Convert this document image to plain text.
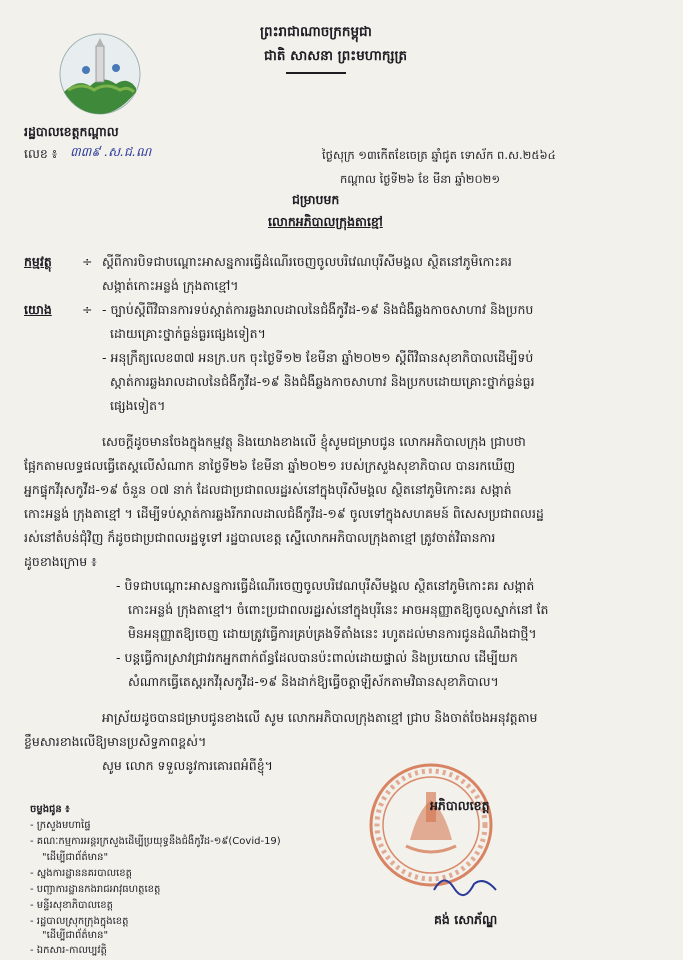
ព្រះរាជាណាចក្រកម្ពុជា
ជាតិ សាសនា ព្រះមហាក្សត្រ
រដ្ឋបាលខេត្តកណ្តាល
លេខ ៖ ៣៣៩ .ស.ជ.ណ	ថ្ងៃសុក្រ ១៣កើតខែចេត្រ ឆ្នាំជូត ទោស័ក ព.ស.២៥៦៤
កណ្តាល ថ្ងៃទី២៦ ខែ មីនា ឆ្នាំ២០២១
ជម្រាបមក
លោកអភិបាលក្រុងតាខ្មៅ
កម្មវត្ថុ ÷ ស្តីពីការបិទជាបណ្តោះអាសន្នការធ្វើដំណើរចេញចូលបរិវេណបុរីសីមង្គល ស្ថិតនៅភូមិកោះគរ
សង្កាត់កោះអន្លង់ ក្រុងតាខ្មៅ។
យោង ÷ - ច្បាប់ស្តីពីវិធានការទប់ស្កាត់ការឆ្លងរាលដាលនៃជំងឺកូវីដ-១៩ និងជំងឺឆ្លងកាចសាហាវ និងប្រកប
ដោយគ្រោះថ្នាក់ធ្ងន់ធ្ងរផ្សេងទៀត។
- អនុក្រឹត្យលេខ៣៧ អនក្រ.បក ចុះថ្ងៃទី១២ ខែមីនា ឆ្នាំ២០២១ ស្តីពីវិធានសុខាភិបាលដើម្បីទប់
ស្កាត់ការឆ្លងរាលដាលនៃជំងឺកូវីដ-១៩ និងជំងឺឆ្លងកាចសាហាវ និងប្រកបដោយគ្រោះថ្នាក់ធ្ងន់ធ្ងរ
ផ្សេងទៀត។
សេចក្តីដូចមានចែងក្នុងកម្មវត្ថុ និងយោងខាងលើ ខ្ញុំសូមជម្រាបជូន លោកអភិបាលក្រុង ជ្រាបថា
ផ្អែកតាមលទ្ធផលធ្វើតេស្តលើសំណាក នាថ្ងៃទី២៦ ខែមីនា ឆ្នាំ២០២១ របស់ក្រសួងសុខាភិបាល បានរកឃើញ
អ្នកផ្ទុកវីរុសកូវីដ-១៩ ចំនួន ០៧ នាក់ ដែលជាប្រជាពលរដ្ឋរស់នៅក្នុងបុរីសីមង្គល ស្ថិតនៅភូមិកោះគរ សង្កាត់
កោះអន្លង់ ក្រុងតាខ្មៅ ។ ដើម្បីទប់ស្កាត់ការឆ្លងរីករាលដាលជំងឺកូវីដ-១៩ ចូលទៅក្នុងសហគមន៍ ពិសេសប្រជាពលរដ្ឋ
រស់នៅតំបន់ជុំវិញ ក៏ដូចជាប្រជាពលរដ្ឋទូទៅ រដ្ឋបាលខេត្ត ស្នើលោកអភិបាលក្រុងតាខ្មៅ ត្រូវចាត់វិធានការ
ដូចខាងក្រោម ៖
- បិទជាបណ្តោះអាសន្នការធ្វើដំណើរចេញចូលបរិវេណបុរីសីមង្គល ស្ថិតនៅភូមិកោះគរ សង្កាត់
កោះអន្លង់ ក្រុងតាខ្មៅ។ ចំពោះប្រជាពលរដ្ឋរស់នៅក្នុងបុរីនេះ អាចអនុញ្ញាតឱ្យចូលស្នាក់នៅ តែ
មិនអនុញ្ញាតឱ្យចេញ ដោយត្រូវធ្វើការគ្រប់គ្រងទីតាំងនេះ រហូតដល់មានការជូនដំណឹងជាថ្មី។
- បន្តធ្វើការស្រាវជ្រាវរកអ្នកពាក់ព័ន្ធដែលបានប៉ះពាល់ដោយផ្ទាល់ និងប្រយោល ដើម្បីយក
សំណាកធ្វើតេស្តរកវីរុសកូវីដ-១៩ និងដាក់ឱ្យធ្វើចត្តាឡីស័កតាមវិធានសុខាភិបាល។
អាស្រ័យដូចបានជម្រាបជូនខាងលើ សូម លោកអភិបាលក្រុងតាខ្មៅ ជ្រាប និងចាត់ចែងអនុវត្តតាម
ខ្លឹមសារខាងលើឱ្យមានប្រសិទ្ធភាពខ្ពស់។
សូម លោក ទទួលនូវការគោរពអំពីខ្ញុំ។
ចម្លងជូន ៖
- ក្រសួងមហាផ្ទៃ
- គណៈកម្មការអន្តរក្រសួងដើម្បីប្រយុទ្ធនឹងជំងឺកូវីដ-១៩(Covid-19)
"ដើម្បីជាព័ត៌មាន"
- ស្នងការដ្ឋាននគរបាលខេត្ត
- បញ្ជាការដ្ឋានកងរាជអាវុធហត្ថខេត្ត
- មន្ទីរសុខាភិបាលខេត្ត
- រដ្ឋបាលស្រុកក្រុងក្នុងខេត្ត
"ដើម្បីជាព័ត៌មាន"
- ឯកសារ-កាលប្បវត្តិ
អភិបាលខេត្ត
គង់ សោភ័ណ្ឌ
